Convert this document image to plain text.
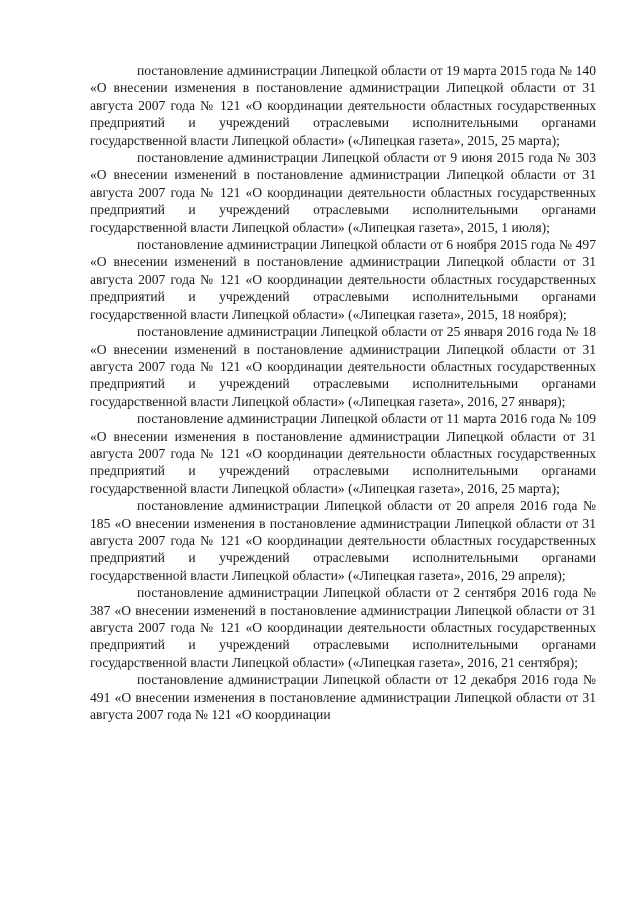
постановление администрации Липецкой области от 19 марта 2015 года № 140 «О внесении изменения в постановление администрации Липецкой области от 31 августа 2007 года № 121 «О координации деятельности областных государственных предприятий и учреждений отраслевыми исполнительными органами государственной власти Липецкой области» («Липецкая газета», 2015, 25 марта);

постановление администрации Липецкой области от 9 июня 2015 года № 303 «О внесении изменений в постановление администрации Липецкой области от 31 августа 2007 года № 121 «О координации деятельности областных государственных предприятий и учреждений отраслевыми исполнительными органами государственной власти Липецкой области» («Липецкая газета», 2015, 1 июля);

постановление администрации Липецкой области от 6 ноября 2015 года № 497 «О внесении изменений в постановление администрации Липецкой области от 31 августа 2007 года № 121 «О координации деятельности областных государственных предприятий и учреждений отраслевыми исполнительными органами государственной власти Липецкой области» («Липецкая газета», 2015, 18 ноября);

постановление администрации Липецкой области от 25 января 2016 года № 18 «О внесении изменений в постановление администрации Липецкой области от 31 августа 2007 года № 121 «О координации деятельности областных государственных предприятий и учреждений отраслевыми исполнительными органами государственной власти Липецкой области» («Липецкая газета», 2016, 27 января);

постановление администрации Липецкой области от 11 марта 2016 года № 109 «О внесении изменения в постановление администрации Липецкой области от 31 августа 2007 года № 121 «О координации деятельности областных государственных предприятий и учреждений отраслевыми исполнительными органами государственной власти Липецкой области» («Липецкая газета», 2016, 25 марта);

постановление администрации Липецкой области от 20 апреля 2016 года № 185 «О внесении изменения в постановление администрации Липецкой области от 31 августа 2007 года № 121 «О координации деятельности областных государственных предприятий и учреждений отраслевыми исполнительными органами государственной власти Липецкой области» («Липецкая газета», 2016, 29 апреля);

постановление администрации Липецкой области от 2 сентября 2016 года № 387 «О внесении изменений в постановление администрации Липецкой области от 31 августа 2007 года № 121 «О координации деятельности областных государственных предприятий и учреждений отраслевыми исполнительными органами государственной власти Липецкой области» («Липецкая газета», 2016, 21 сентября);

постановление администрации Липецкой области от 12 декабря 2016 года № 491 «О внесении изменения в постановление администрации Липецкой области от 31 августа 2007 года № 121 «О координации
